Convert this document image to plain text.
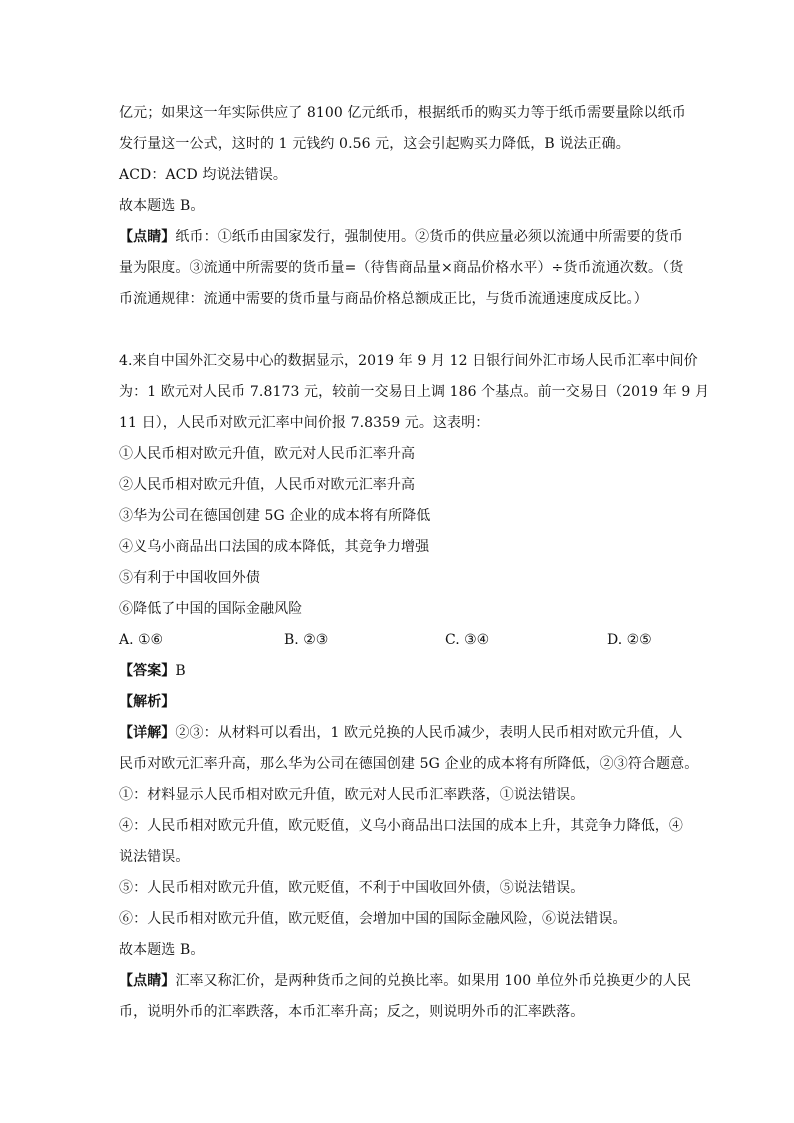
亿元；如果这一年实际供应了 8100 亿元纸币，根据纸币的购买力等于纸币需要量除以纸币
发行量这一公式，这时的 1 元钱约 0.56 元，这会引起购买力降低，B 说法正确。
ACD：ACD 均说法错误。
故本题选 B。
【点睛】纸币：①纸币由国家发行，强制使用。②货币的供应量必须以流通中所需要的货币
量为限度。③流通中所需要的货币量=（待售商品量×商品价格水平）÷货币流通次数。（货
币流通规律：流通中需要的货币量与商品价格总额成正比，与货币流通速度成反比。）
4.来自中国外汇交易中心的数据显示，2019 年 9 月 12 日银行间外汇市场人民币汇率中间价
为：1 欧元对人民币 7.8173 元，较前一交易日上调 186 个基点。前一交易日（2019 年 9 月
11 日），人民币对欧元汇率中间价报 7.8359 元。这表明：
①人民币相对欧元升值，欧元对人民币汇率升高
②人民币相对欧元升值，人民币对欧元汇率升高
③华为公司在德国创建 5G 企业的成本将有所降低
④义乌小商品出口法国的成本降低，其竞争力增强
⑤有利于中国收回外债
⑥降低了中国的国际金融风险
A. ①⑥	B. ②③	C. ③④	D. ②⑤
【答案】B
【解析】
【详解】②③：从材料可以看出，1 欧元兑换的人民币减少，表明人民币相对欧元升值，人
民币对欧元汇率升高，那么华为公司在德国创建 5G 企业的成本将有所降低，②③符合题意。
①：材料显示人民币相对欧元升值，欧元对人民币汇率跌落，①说法错误。
④：人民币相对欧元升值，欧元贬值，义乌小商品出口法国的成本上升，其竞争力降低，④
说法错误。
⑤：人民币相对欧元升值，欧元贬值，不利于中国收回外债，⑤说法错误。
⑥：人民币相对欧元升值，欧元贬值，会增加中国的国际金融风险，⑥说法错误。
故本题选 B。
【点睛】汇率又称汇价，是两种货币之间的兑换比率。如果用 100 单位外币兑换更少的人民
币，说明外币的汇率跌落，本币汇率升高；反之，则说明外币的汇率跌落。
